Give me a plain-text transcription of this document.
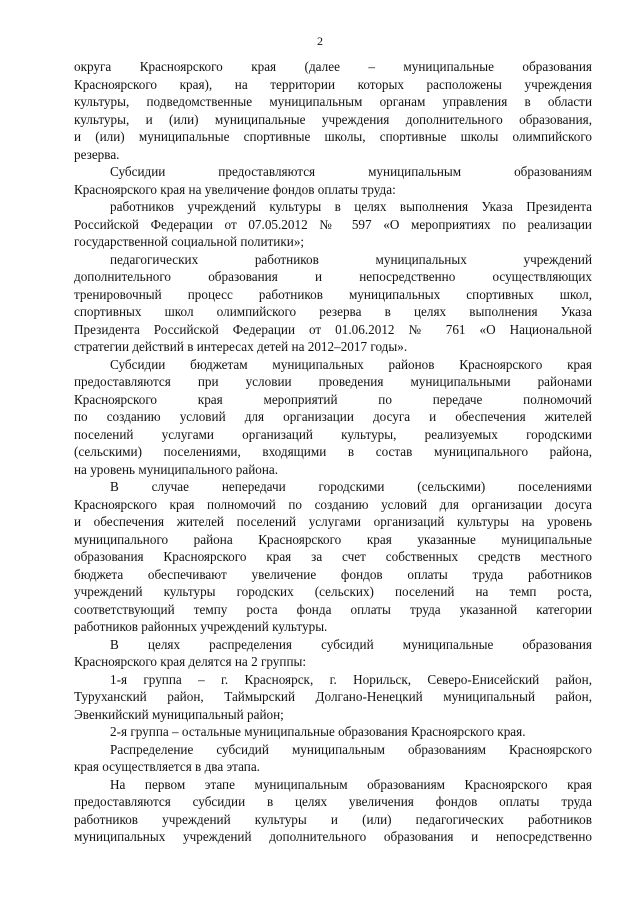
2
округа Красноярского края (далее – муниципальные образования
Красноярского края), на территории которых расположены учреждения
культуры, подведомственные муниципальным органам управления в области
культуры, и (или) муниципальные учреждения дополнительного образования,
и (или) муниципальные спортивные школы, спортивные школы олимпийского
резерва.
Субсидии предоставляются муниципальным образованиям
Красноярского края на увеличение фондов оплаты труда:
работников учреждений культуры в целях выполнения Указа Президента
Российской Федерации от 07.05.2012 № 597 «О мероприятиях по реализации
государственной социальной политики»;
педагогических работников муниципальных учреждений
дополнительного образования и непосредственно осуществляющих
тренировочный процесс работников муниципальных спортивных школ,
спортивных школ олимпийского резерва в целях выполнения Указа
Президента Российской Федерации от 01.06.2012 № 761 «О Национальной
стратегии действий в интересах детей на 2012–2017 годы».
Субсидии бюджетам муниципальных районов Красноярского края
предоставляются при условии проведения муниципальными районами
Красноярского края мероприятий по передаче полномочий
по созданию условий для организации досуга и обеспечения жителей
поселений услугами организаций культуры, реализуемых городскими
(сельскими) поселениями, входящими в состав муниципального района,
на уровень муниципального района.
В случае непередачи городскими (сельскими) поселениями
Красноярского края полномочий по созданию условий для организации досуга
и обеспечения жителей поселений услугами организаций культуры на уровень
муниципального района Красноярского края указанные муниципальные
образования Красноярского края за счет собственных средств местного
бюджета обеспечивают увеличение фондов оплаты труда работников
учреждений культуры городских (сельских) поселений на темп роста,
соответствующий темпу роста фонда оплаты труда указанной категории
работников районных учреждений культуры.
В целях распределения субсидий муниципальные образования
Красноярского края делятся на 2 группы:
1-я группа – г. Красноярск, г. Норильск, Северо-Енисейский район,
Туруханский район, Таймырский Долгано-Ненецкий муниципальный район,
Эвенкийский муниципальный район;
2-я группа – остальные муниципальные образования Красноярского края.
Распределение субсидий муниципальным образованиям Красноярского
края осуществляется в два этапа.
На первом этапе муниципальным образованиям Красноярского края
предоставляются субсидии в целях увеличения фондов оплаты труда
работников учреждений культуры и (или) педагогических работников
муниципальных учреждений дополнительного образования и непосредственно
